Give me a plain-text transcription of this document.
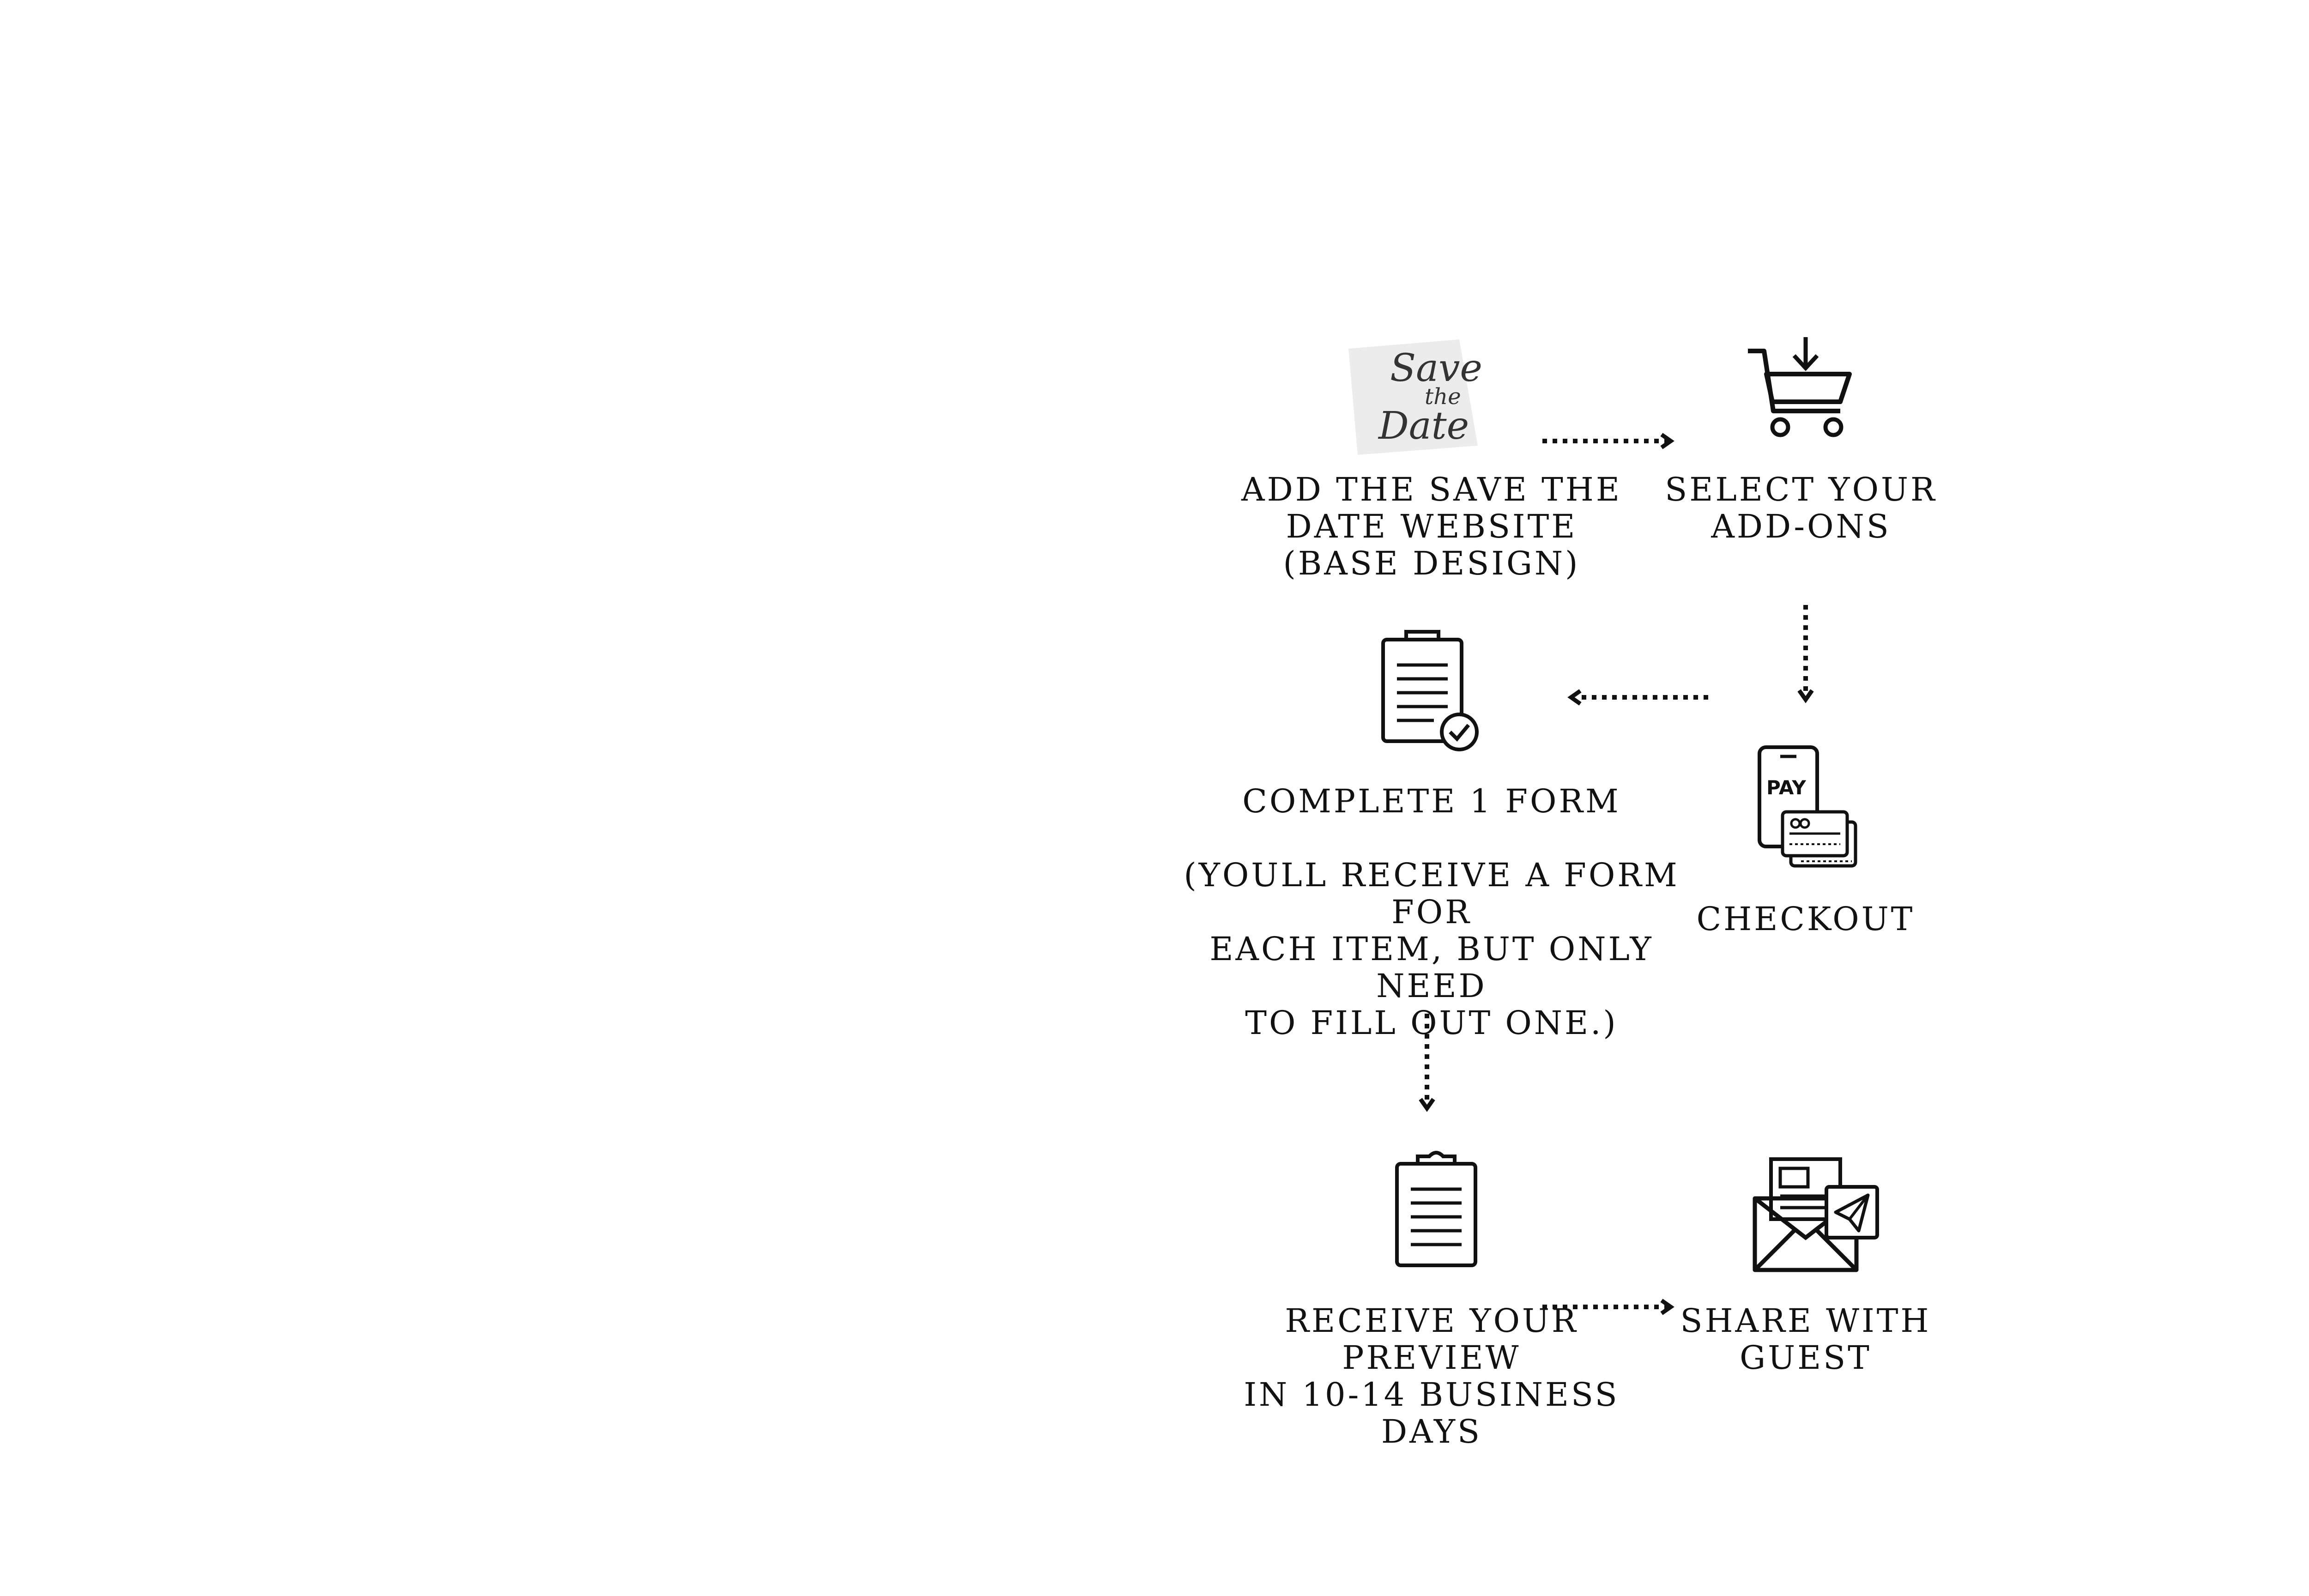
Save
the
Date
ADD THE SAVE THE
DATE WEBSITE
(BASE DESIGN)
SELECT YOUR
ADD-ONS
PAY
CHECKOUT
COMPLETE 1 FORM
(YOULL RECEIVE A FORM FOR
EACH ITEM, BUT ONLY NEED
TO FILL OUT ONE.)
RECEIVE YOUR PREVIEW
IN 10-14 BUSINESS DAYS
SHARE WITH
GUEST
